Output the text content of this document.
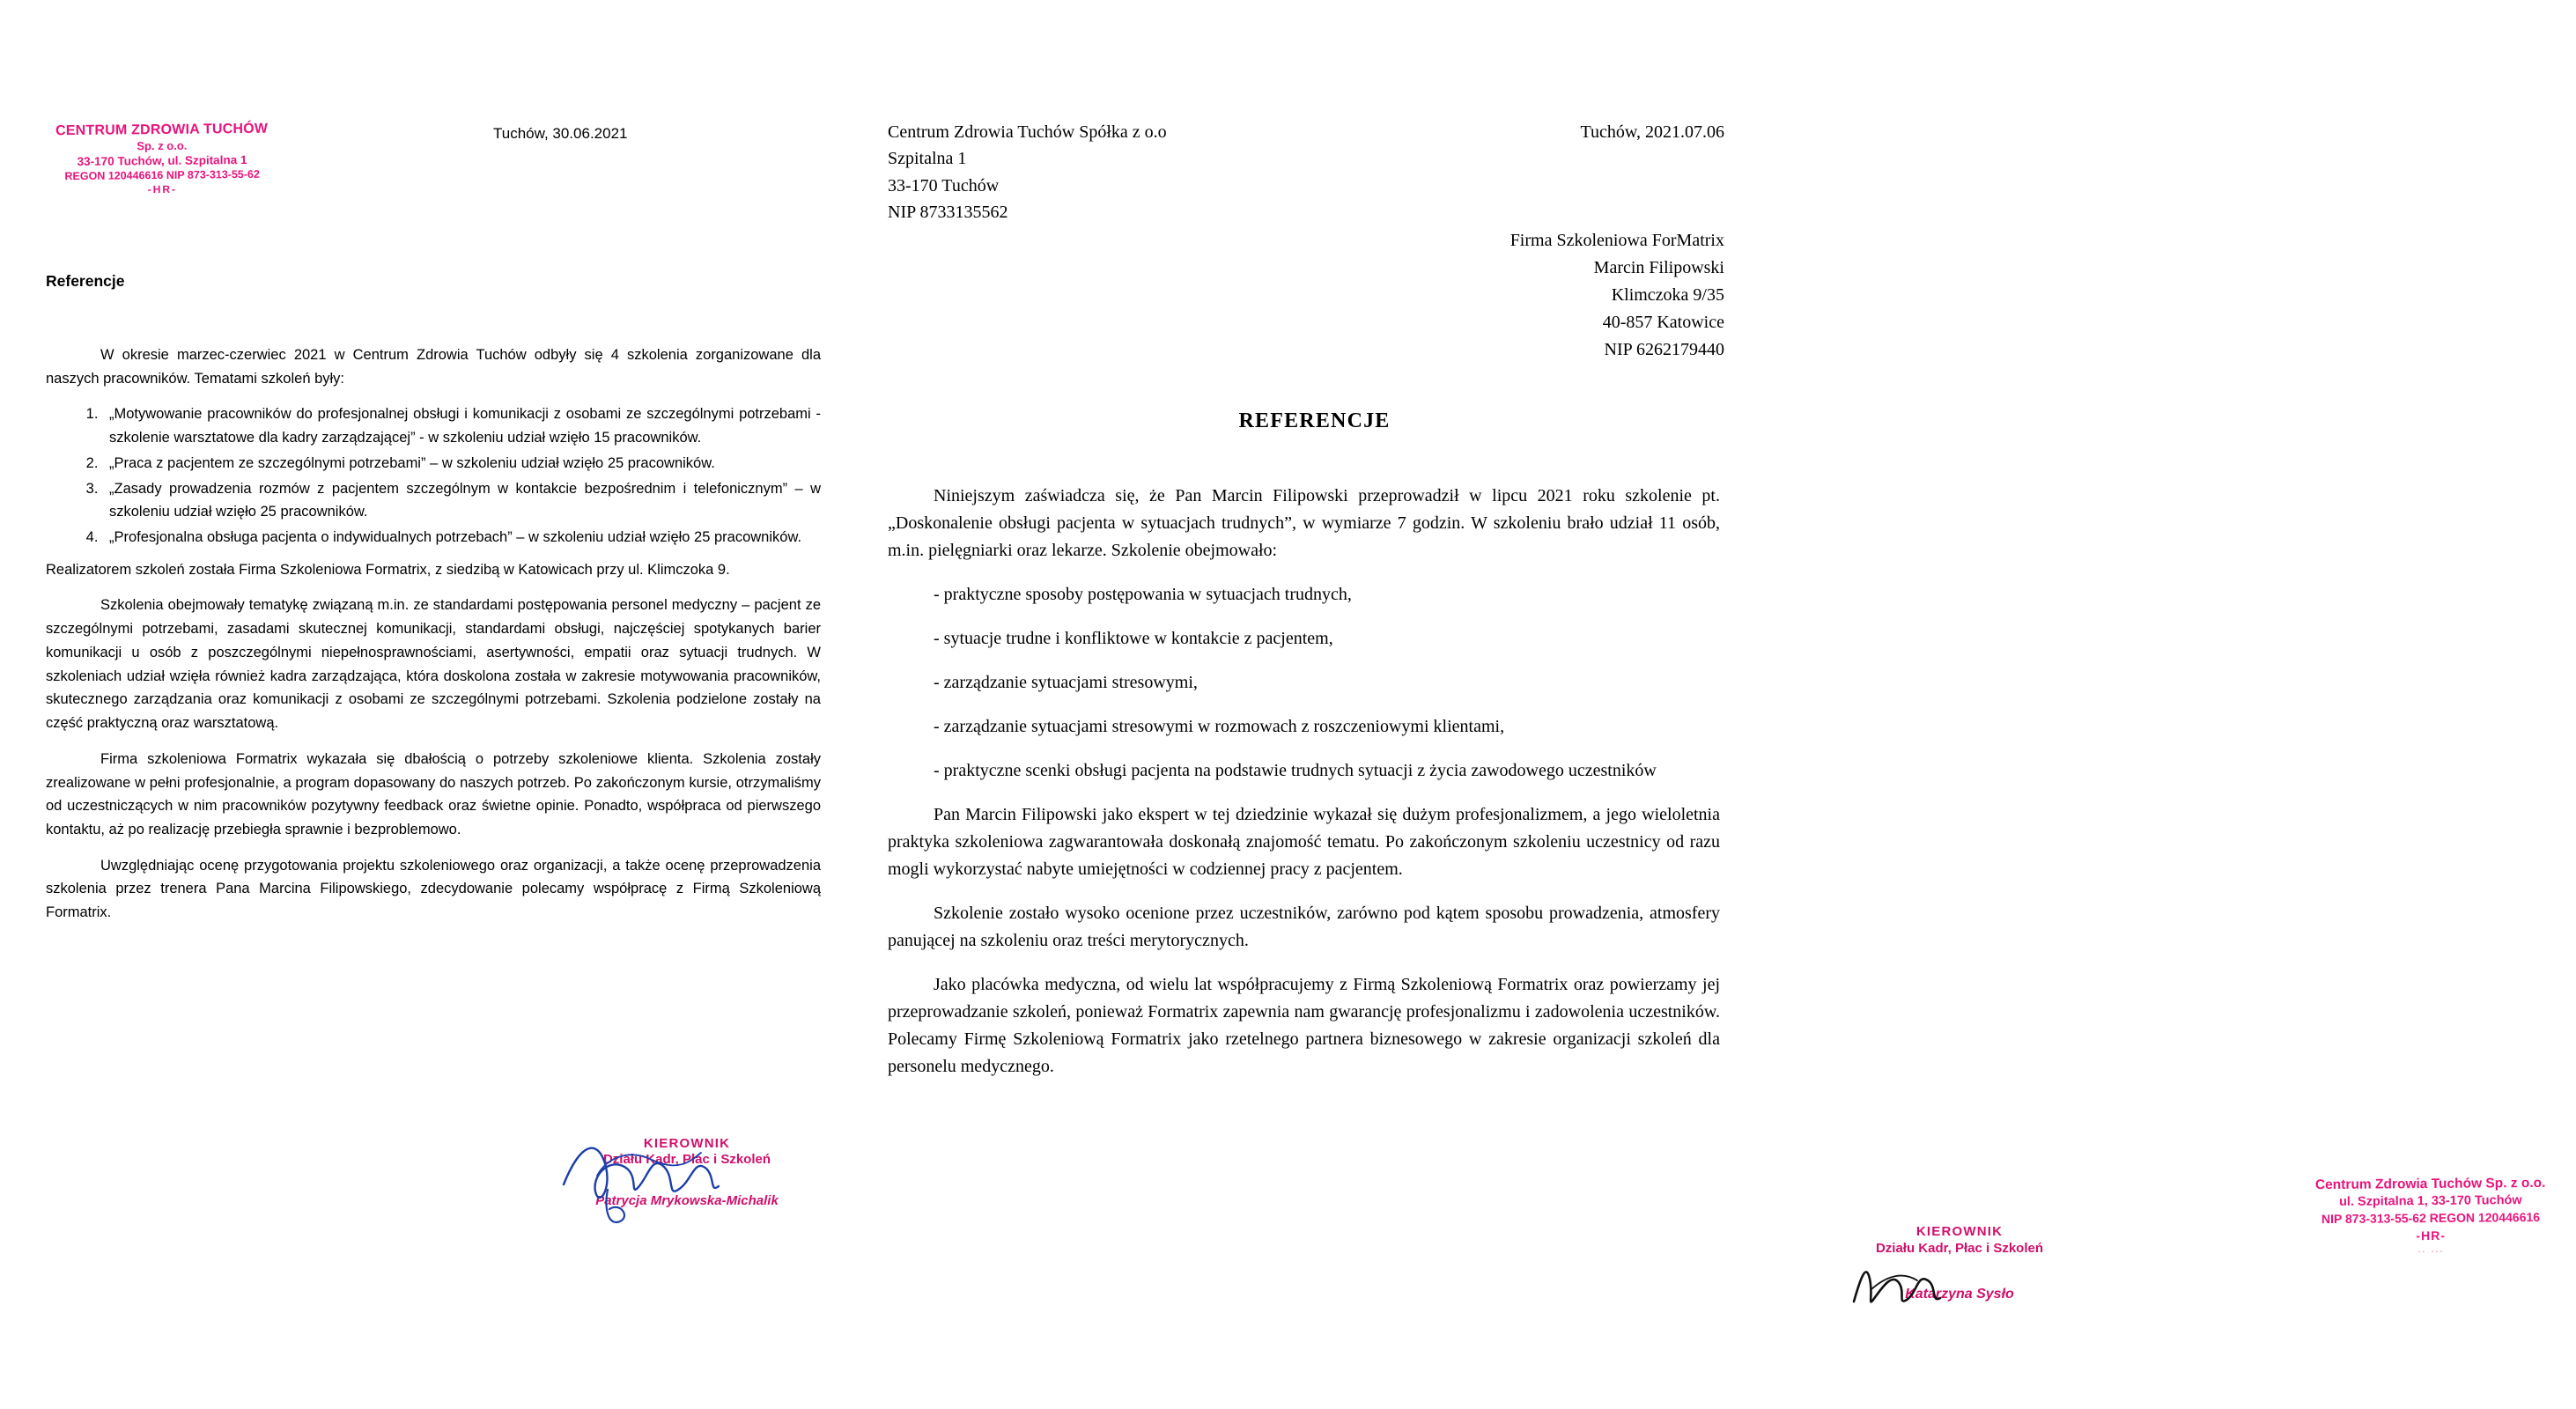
CENTRUM ZDROWIA TUCHÓW
Sp. z o.o.
33-170 Tuchów, ul. Szpitalna 1
REGON 120446616 NIP 873-313-55-62
-HR-
Tuchów, 30.06.2021
Referencje

W okresie marzec-czerwiec 2021 w Centrum Zdrowia Tuchów odbyły się 4 szkolenia zorganizowane dla naszych pracowników. Tematami szkoleń były:

1. „Motywowanie pracowników do profesjonalnej obsługi i komunikacji z osobami ze szczególnymi potrzebami -szkolenie warsztatowe dla kadry zarządzającej” - w szkoleniu udział wzięło 15 pracowników.
2. „Praca z pacjentem ze szczególnymi potrzebami” – w szkoleniu udział wzięło 25 pracowników.
3. „Zasady prowadzenia rozmów z pacjentem szczególnym w kontakcie bezpośrednim i telefonicznym” – w szkoleniu udział wzięło 25 pracowników.
4. „Profesjonalna obsługa pacjenta o indywidualnych potrzebach” – w szkoleniu udział wzięło 25 pracowników.

Realizatorem szkoleń została Firma Szkoleniowa Formatrix, z siedzibą w Katowicach przy ul. Klimczoka 9.

Szkolenia obejmowały tematykę związaną m.in. ze standardami postępowania personel medyczny – pacjent ze szczególnymi potrzebami, zasadami skutecznej komunikacji, standardami obsługi, najczęściej spotykanych barier komunikacji u osób z poszczególnymi niepełnosprawnościami, asertywności, empatii oraz sytuacji trudnych. W szkoleniach udział wzięła również kadra zarządzająca, która doskolona została w zakresie motywowania pracowników, skutecznego zarządzania oraz komunikacji z osobami ze szczególnymi potrzebami. Szkolenia podzielone zostały na część praktyczną oraz warsztatową.

Firma szkoleniowa Formatrix wykazała się dbałością o potrzeby szkoleniowe klienta. Szkolenia zostały zrealizowane w pełni profesjonalnie, a program dopasowany do naszych potrzeb. Po zakończonym kursie, otrzymaliśmy od uczestniczących w nim pracowników pozytywny feedback oraz świetne opinie. Ponadto, współpraca od pierwszego kontaktu, aż po realizację przebiegła sprawnie i bezproblemowo.

Uwzględniając ocenę przygotowania projektu szkoleniowego oraz organizacji, a także ocenę przeprowadzenia szkolenia przez trenera Pana Marcina Filipowskiego, zdecydowanie polecamy współpracę z Firmą Szkoleniową Formatrix.

KIEROWNIK
Działu Kadr, Płac i Szkoleń
Patrycja Mrykowska-Michalik
Centrum Zdrowia Tuchów Spółka z o.o
Szpitalna 1
33-170 Tuchów
NIP 8733135562
Tuchów, 2021.07.06
Firma Szkoleniowa ForMatrix
Marcin Filipowski
Klimczoka 9/35
40-857 Katowice
NIP 6262179440
REFERENCJE

Niniejszym zaświadcza się, że Pan Marcin Filipowski przeprowadził w lipcu 2021 roku szkolenie pt. „Doskonalenie obsługi pacjenta w sytuacjach trudnych”, w wymiarze 7 godzin. W szkoleniu brało udział 11 osób, m.in. pielęgniarki oraz lekarze. Szkolenie obejmowało:

- praktyczne sposoby postępowania w sytuacjach trudnych,

- sytuacje trudne i konfliktowe w kontakcie z pacjentem,

- zarządzanie sytuacjami stresowymi,

- zarządzanie sytuacjami stresowymi w rozmowach z roszczeniowymi klientami,

- praktyczne scenki obsługi pacjenta na podstawie trudnych sytuacji z życia zawodowego uczestników

Pan Marcin Filipowski jako ekspert w tej dziedzinie wykazał się dużym profesjonalizmem, a jego wieloletnia praktyka szkoleniowa zagwarantowała doskonałą znajomość tematu. Po zakończonym szkoleniu uczestnicy od razu mogli wykorzystać nabyte umiejętności w codziennej pracy z pacjentem.

Szkolenie zostało wysoko ocenione przez uczestników, zarówno pod kątem sposobu prowadzenia, atmosfery panującej na szkoleniu oraz treści merytorycznych.

Jako placówka medyczna, od wielu lat współpracujemy z Firmą Szkoleniową Formatrix oraz powierzamy jej przeprowadzanie szkoleń, ponieważ Formatrix zapewnia nam gwarancję profesjonalizmu i zadowolenia uczestników. Polecamy Firmę Szkoleniową Formatrix jako rzetelnego partnera biznesowego w zakresie organizacji szkoleń dla personelu medycznego.

KIEROWNIK
Działu Kadr, Płac i Szkoleń
Katarzyna Sysło
Centrum Zdrowia Tuchów Sp. z o.o.
ul. Szpitalna 1, 33-170 Tuchów
NIP 873-313-55-62 REGON 120446616
-HR-
.. ...
